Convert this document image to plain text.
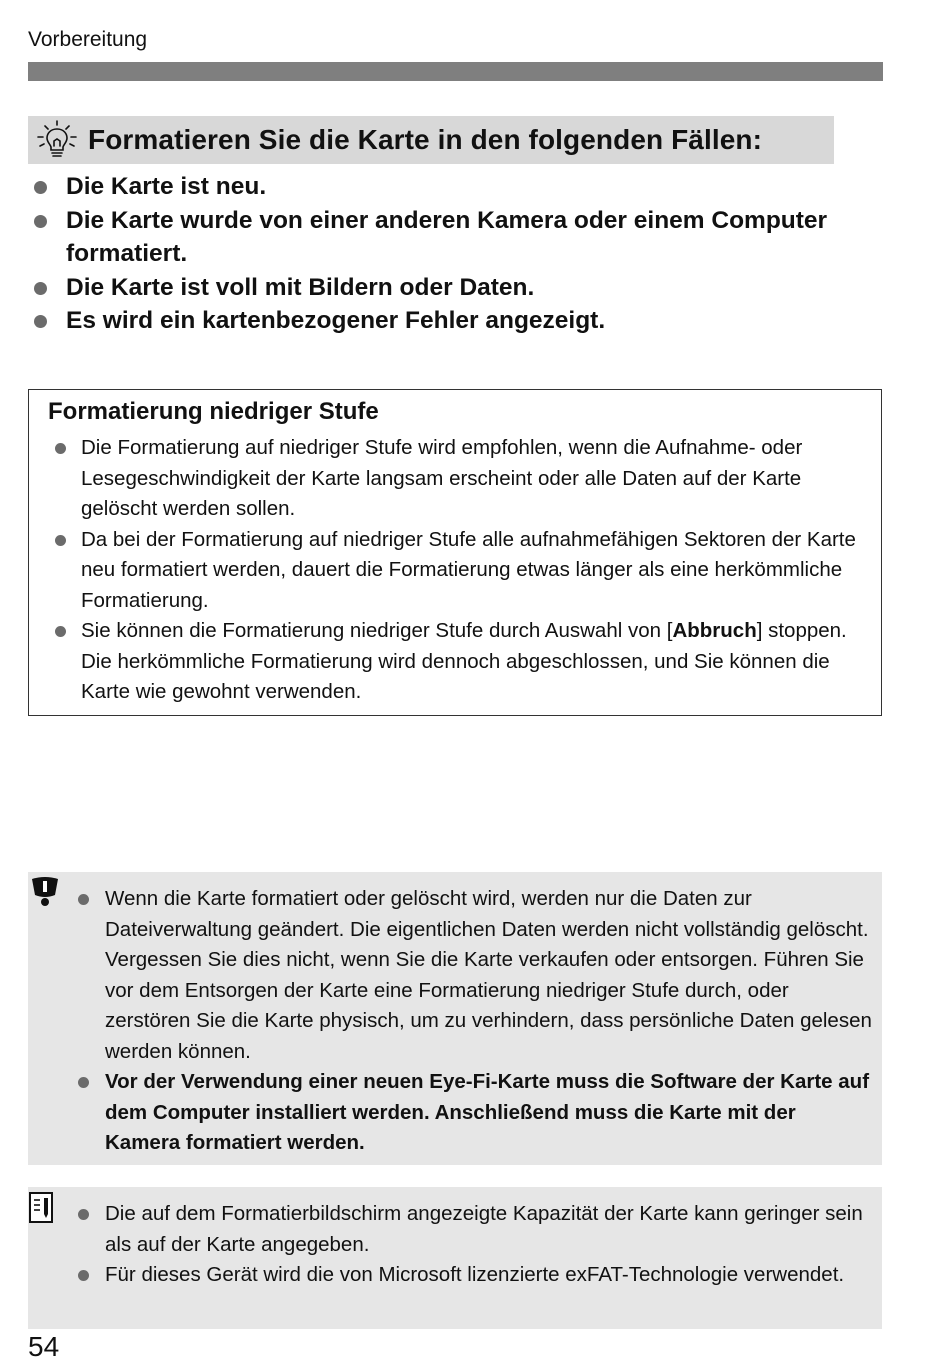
Vorbereitung
Formatieren Sie die Karte in den folgenden Fällen:
Die Karte ist neu.
Die Karte wurde von einer anderen Kamera oder einem Computer formatiert.
Die Karte ist voll mit Bildern oder Daten.
Es wird ein kartenbezogener Fehler angezeigt.
Formatierung niedriger Stufe
Die Formatierung auf niedriger Stufe wird empfohlen, wenn die Aufnahme- oder Lesegeschwindigkeit der Karte langsam erscheint oder alle Daten auf der Karte gelöscht werden sollen.
Da bei der Formatierung auf niedriger Stufe alle aufnahmefähigen Sektoren der Karte neu formatiert werden, dauert die Formatierung etwas länger als eine herkömmliche Formatierung.
Sie können die Formatierung niedriger Stufe durch Auswahl von [Abbruch] stoppen. Die herkömmliche Formatierung wird dennoch abgeschlossen, und Sie können die Karte wie gewohnt verwenden.
Wenn die Karte formatiert oder gelöscht wird, werden nur die Daten zur Dateiverwaltung geändert. Die eigentlichen Daten werden nicht vollständig gelöscht. Vergessen Sie dies nicht, wenn Sie die Karte verkaufen oder entsorgen. Führen Sie vor dem Entsorgen der Karte eine Formatierung niedriger Stufe durch, oder zerstören Sie die Karte physisch, um zu verhindern, dass persönliche Daten gelesen werden können.
Vor der Verwendung einer neuen Eye-Fi-Karte muss die Software der Karte auf dem Computer installiert werden. Anschließend muss die Karte mit der Kamera formatiert werden.
Die auf dem Formatierbildschirm angezeigte Kapazität der Karte kann geringer sein als auf der Karte angegeben.
Für dieses Gerät wird die von Microsoft lizenzierte exFAT-Technologie verwendet.
54
